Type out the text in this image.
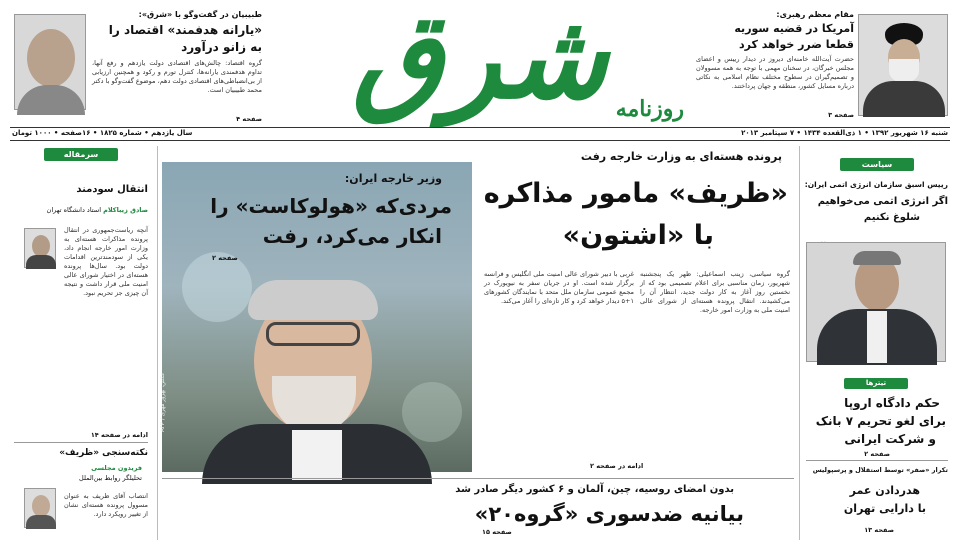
شرق روزنامه
طبیبیان در گفت‌وگو با «شرق»:
«یارانه هدفمند» اقتصاد را
به زانو درآورد
گروه اقتصاد: چالش‌های اقتصادی دولت یازدهم و رفع آنها، تداوم هدفمندی یارانه‌ها، کنترل تورم و رکود و همچنین ارزیابی از بی‌انضباطی‌های اقتصادی دولت دهم، موضوع گفت‌وگو با دکتر محمد طبیبیان است.
صفحه ۴
مقام معظم رهبری:
آمریکا در قضیه سوریه
قطعا ضرر خواهد کرد
حضرت آیت‌الله خامنه‌ای دیروز در دیدار رییس و اعضای مجلس خبرگان، در سخنان مهمی با توجه به همه مسوولان و تصمیم‌گیران در سطوح مختلف نظام اسلامی به نکاتی درباره مسایل کشور، منطقه و جهان پرداختند.
صفحه ۳
شنبه ۱۶ شهریور ۱۳۹۲ • ۱ ذی‌القعده ۱۴۳۴ • ۷ سپتامبر ۲۰۱۳
سال یازدهم • شماره ۱۸۲۵ • ۱۶صفحه • ۱۰۰۰ تومان
سرمقاله
انتقال سودمند
صادق زیباکلام استاد دانشگاه تهران
آنچه ریاست‌جمهوری در انتقال پرونده مذاکرات هسته‌ای به وزارت امور خارجه انجام داد، یکی از سودمندترین اقدامات دولت بود. سال‌ها پرونده هسته‌ای در اختیار شورای عالی امنیت ملی قرار داشت و نتیجه آن چیزی جز تحریم نبود.
ادامه در صفحه ۱۴
نکته‌سنجی «ظریف»
فریدون مجلسی
تحلیلگر روابط بین‌الملل
انتصاب آقای ظریف به عنوان مسوول پرونده هسته‌ای نشان از تغییر رویکرد دارد.
وزیر خارجه ایران:
مردی‌که «هولوکاست» را
انکار‌ می‌کرد، رفت
صفحه ۲
عکس: بهروز مهری / AFP
پرونده هسته‌ای به وزارت خارجه رفت
«ظریف» مامور مذاکره
با «اشتون»
گروه سیاسی، زینب اسماعیلی: ظهر یک پنجشنبه شهریور، زمان مناسبی برای اعلام تصمیمی بود که از نخستین روز آغاز به کار دولت جدید، انتظار آن را می‌کشیدند. انتقال پرونده هسته‌ای از شورای عالی امنیت ملی به وزارت امور خارجه.
غربی با دبیر شورای عالی امنیت ملی انگلیس و فرانسه برگزار شده است. او در جریان سفر به نیویورک در مجمع عمومی سازمان ملل متحد با نمایندگان کشورهای ۱+۵ دیدار خواهد کرد و کار تازه‌ای را آغاز می‌کند.
ادامه در صفحه ۲
بدون امضای روسیه، چین، آلمان و ۶ کشور دیگر صادر شد
بیانیه ضدسوری «گروه۲۰»
صفحه ۱۵
سیاست
رییس اسبق سازمان انرژی اتمی ایران:
اگر انرژی اتمی می‌خواهیم
شلوغ نکنیم
تیترها
حکم دادگاه اروپا
برای لغو تحریم ۷ بانک
و شرکت ایرانی
صفحه ۲
تکرار «صفر» توسط استقلال و پرسپولیس
هدردادن عمر
با دارایی تهران
صفحه ۱۳
